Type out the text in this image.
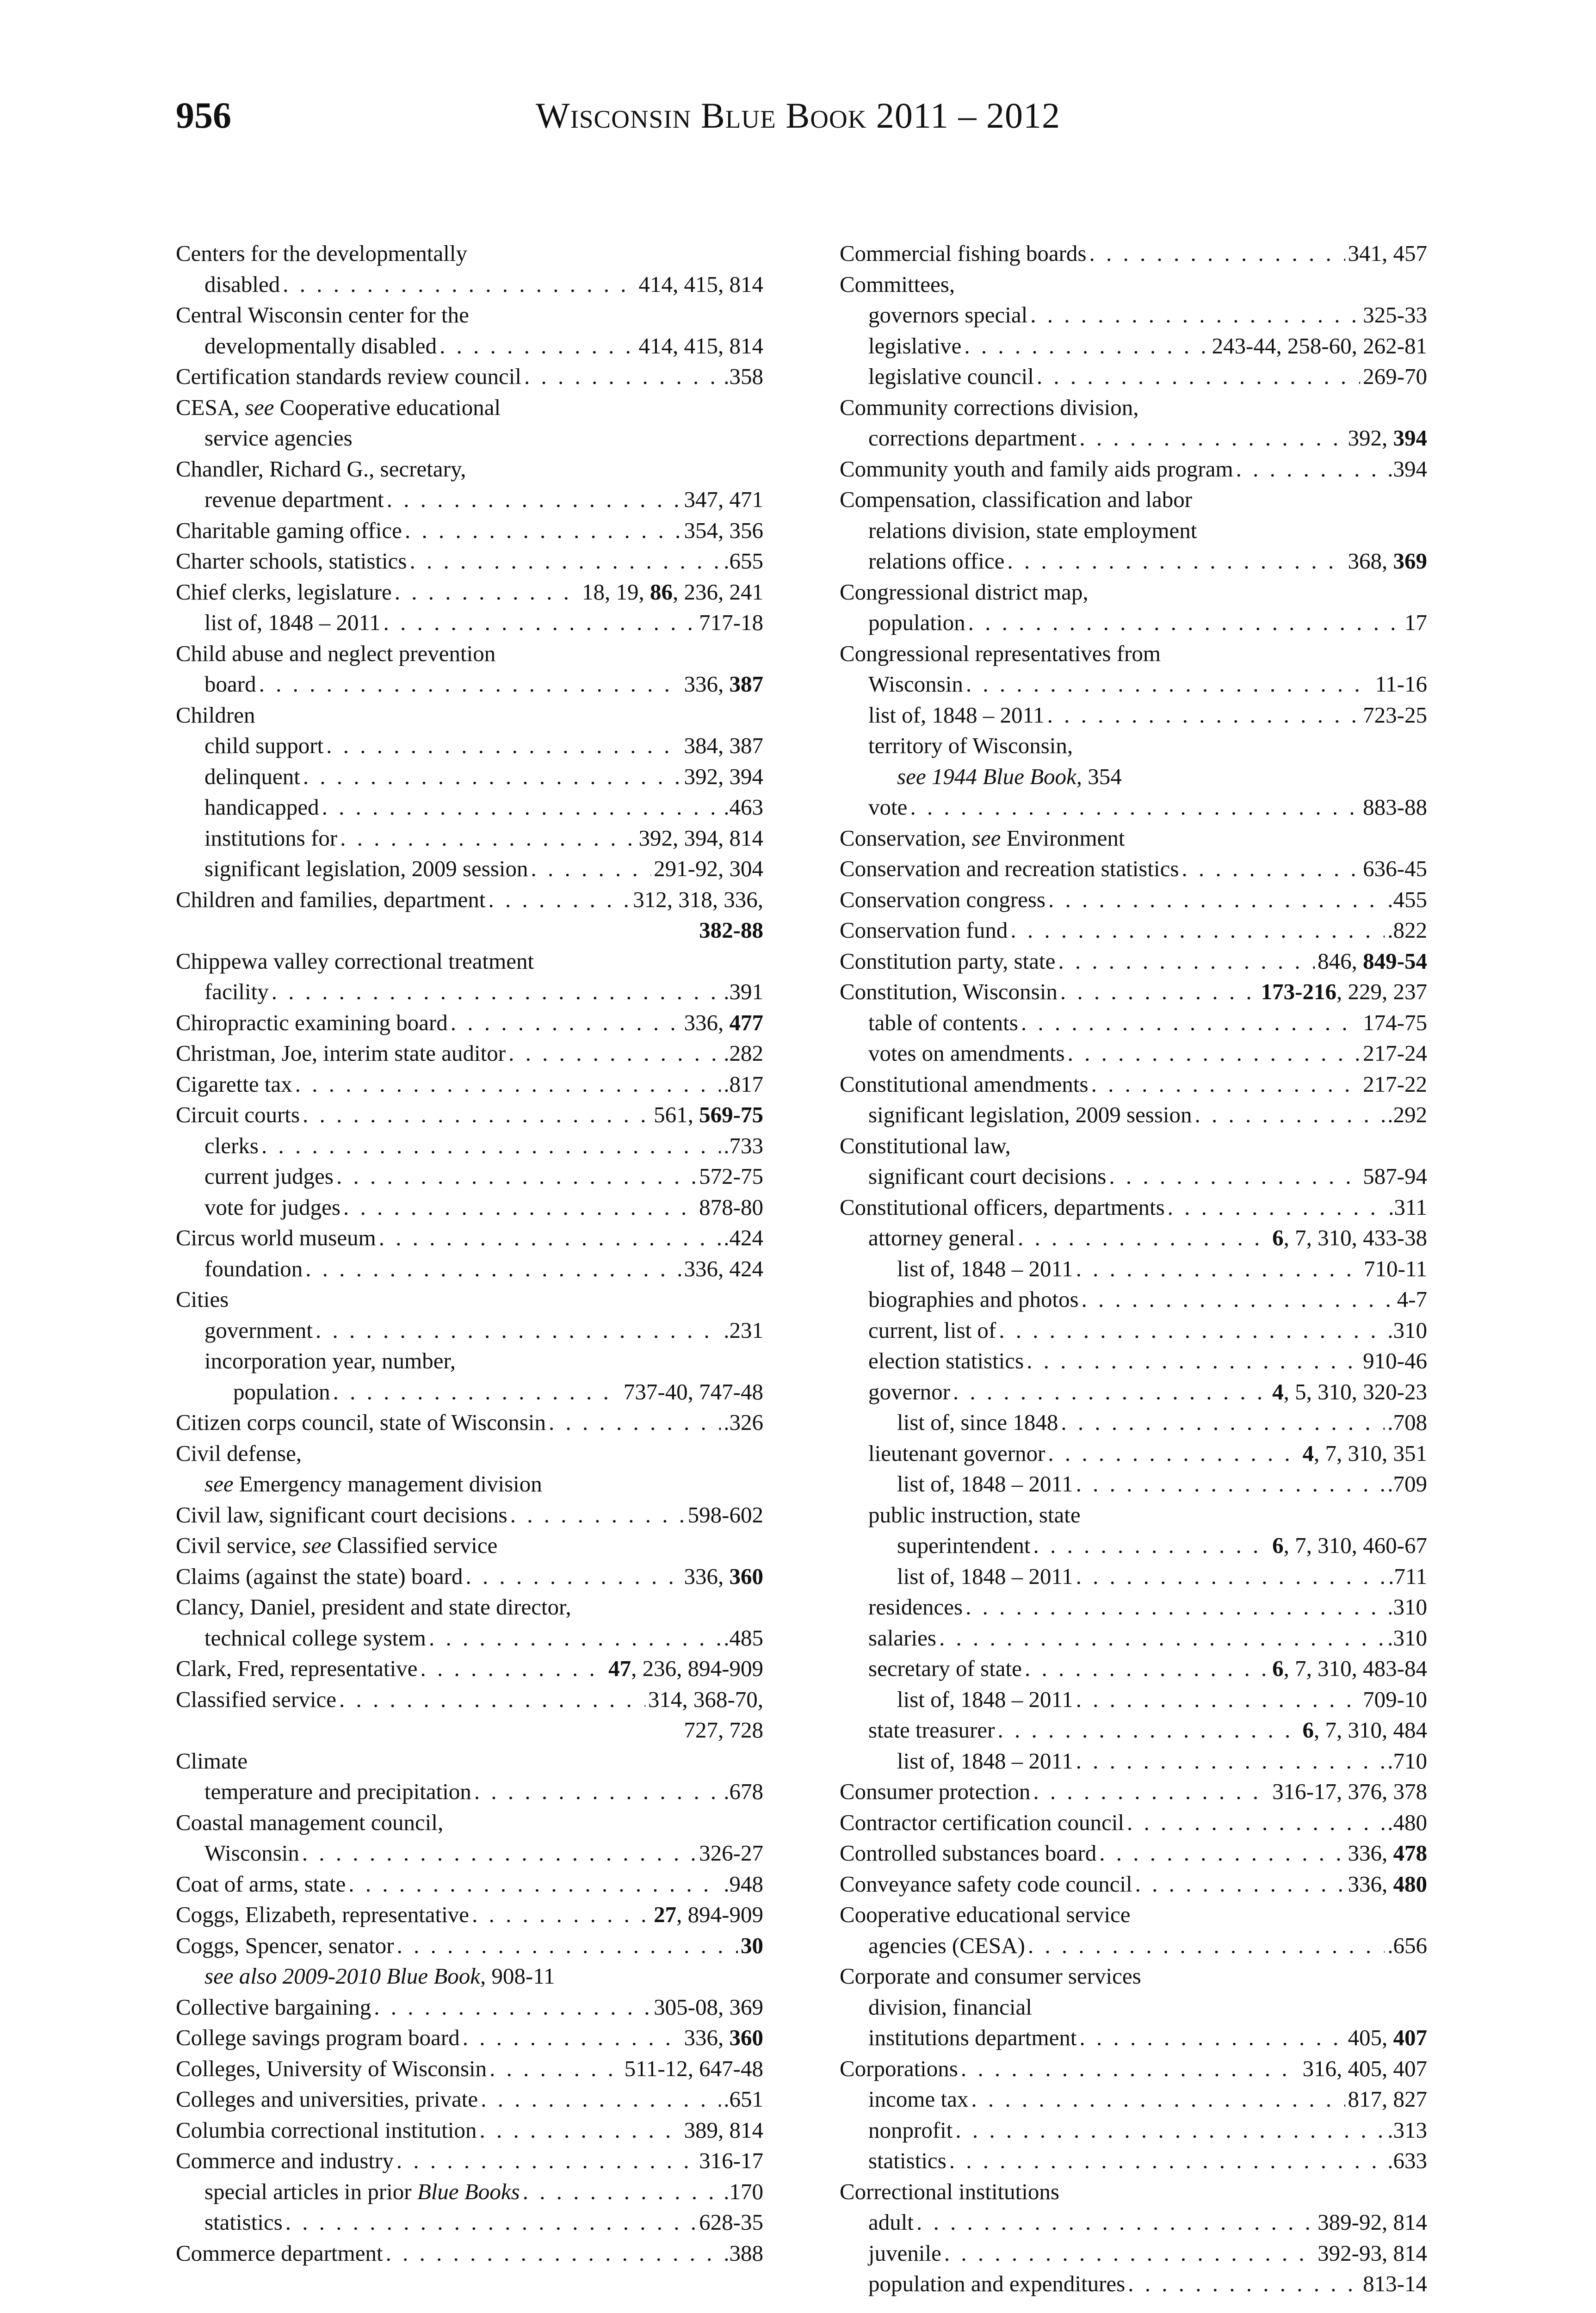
956	Wisconsin Blue Book 2011 – 2012
Centers for the developmentally
disabled . . .	414, 415, 814
Central Wisconsin center for the
developmentally disabled . . .	414, 415, 814
Certification standards review council . . .	.358
CESA, see Cooperative educational
service agencies
Chandler, Richard G., secretary,
revenue department . . .	347, 471
Charitable gaming office . . .	354, 356
Charter schools, statistics . . .	.655
Chief clerks, legislature . . .	18, 19, 86, 236, 241
list of, 1848 – 2011 . . .	717-18
Child abuse and neglect prevention
board . . .	336, 387
Children
child support . . .	384, 387
delinquent . . .	392, 394
handicapped . . .	.463
institutions for . . .	392, 394, 814
significant legislation, 2009 session . . .	291-92, 304
Children and families, department . . .	312, 318, 336,
382-88
Chippewa valley correctional treatment
facility . . .	.391
Chiropractic examining board . . .	336, 477
Christman, Joe, interim state auditor . . .	.282
Cigarette tax . . .	.817
Circuit courts . . .	561, 569-75
clerks . . .	.733
current judges . . .	572-75
vote for judges . . .	878-80
Circus world museum . . .	.424
foundation . . .	336, 424
Cities
government . . .	.231
incorporation year, number,
population . . .	737-40, 747-48
Citizen corps council, state of Wisconsin . . .	.326
Civil defense,
see Emergency management division
Civil law, significant court decisions . . .	598-602
Civil service, see Classified service
Claims (against the state) board . . .	336, 360
Clancy, Daniel, president and state director,
technical college system . . .	.485
Clark, Fred, representative . . .	47, 236, 894-909
Classified service . . .	314, 368-70,
727, 728
Climate
temperature and precipitation . . .	.678
Coastal management council,
Wisconsin . . .	326-27
Coat of arms, state . . .	.948
Coggs, Elizabeth, representative . . .	27, 894-909
Coggs, Spencer, senator . . .	30
see also 2009-2010 Blue Book, 908-11
Collective bargaining . . .	305-08, 369
College savings program board . . .	336, 360
Colleges, University of Wisconsin . . .	511-12, 647-48
Colleges and universities, private . . .	.651
Columbia correctional institution . . .	389, 814
Commerce and industry . . .	316-17
special articles in prior Blue Books . . .	.170
statistics . . .	628-35
Commerce department . . .	.388
Commercial fishing boards . . .	341, 457
Committees,
governors special . . .	325-33
legislative . . .	243-44, 258-60, 262-81
legislative council . . .	269-70
Community corrections division,
corrections department . . .	392, 394
Community youth and family aids program . . .	.394
Compensation, classification and labor
relations division, state employment
relations office . . .	368, 369
Congressional district map,
population . . .	17
Congressional representatives from
Wisconsin . . .	11-16
list of, 1848 – 2011 . . .	723-25
territory of Wisconsin,
see 1944 Blue Book, 354
vote . . .	883-88
Conservation, see Environment
Conservation and recreation statistics . . .	636-45
Conservation congress . . .	.455
Conservation fund . . .	.822
Constitution party, state . . .	846, 849-54
Constitution, Wisconsin . . .	173-216, 229, 237
table of contents . . .	174-75
votes on amendments . . .	217-24
Constitutional amendments . . .	217-22
significant legislation, 2009 session . . .	.292
Constitutional law,
significant court decisions . . .	587-94
Constitutional officers, departments . . .	.311
attorney general . . .	6, 7, 310, 433-38
list of, 1848 – 2011 . . .	710-11
biographies and photos . . .	4-7
current, list of . . .	.310
election statistics . . .	910-46
governor . . .	4, 5, 310, 320-23
list of, since 1848 . . .	.708
lieutenant governor . . .	4, 7, 310, 351
list of, 1848 – 2011 . . .	.709
public instruction, state
superintendent . . .	6, 7, 310, 460-67
list of, 1848 – 2011 . . .	.711
residences . . .	.310
salaries . . .	.310
secretary of state . . .	6, 7, 310, 483-84
list of, 1848 – 2011 . . .	709-10
state treasurer . . .	6, 7, 310, 484
list of, 1848 – 2011 . . .	.710
Consumer protection . . .	316-17, 376, 378
Contractor certification council . . .	.480
Controlled substances board . . .	336, 478
Conveyance safety code council . . .	336, 480
Cooperative educational service
agencies (CESA) . . .	.656
Corporate and consumer services
division, financial
institutions department . . .	405, 407
Corporations . . .	316, 405, 407
income tax . . .	817, 827
nonprofit . . .	.313
statistics . . .	.633
Correctional institutions
adult . . .	389-92, 814
juvenile . . .	392-93, 814
population and expenditures . . .	813-14
